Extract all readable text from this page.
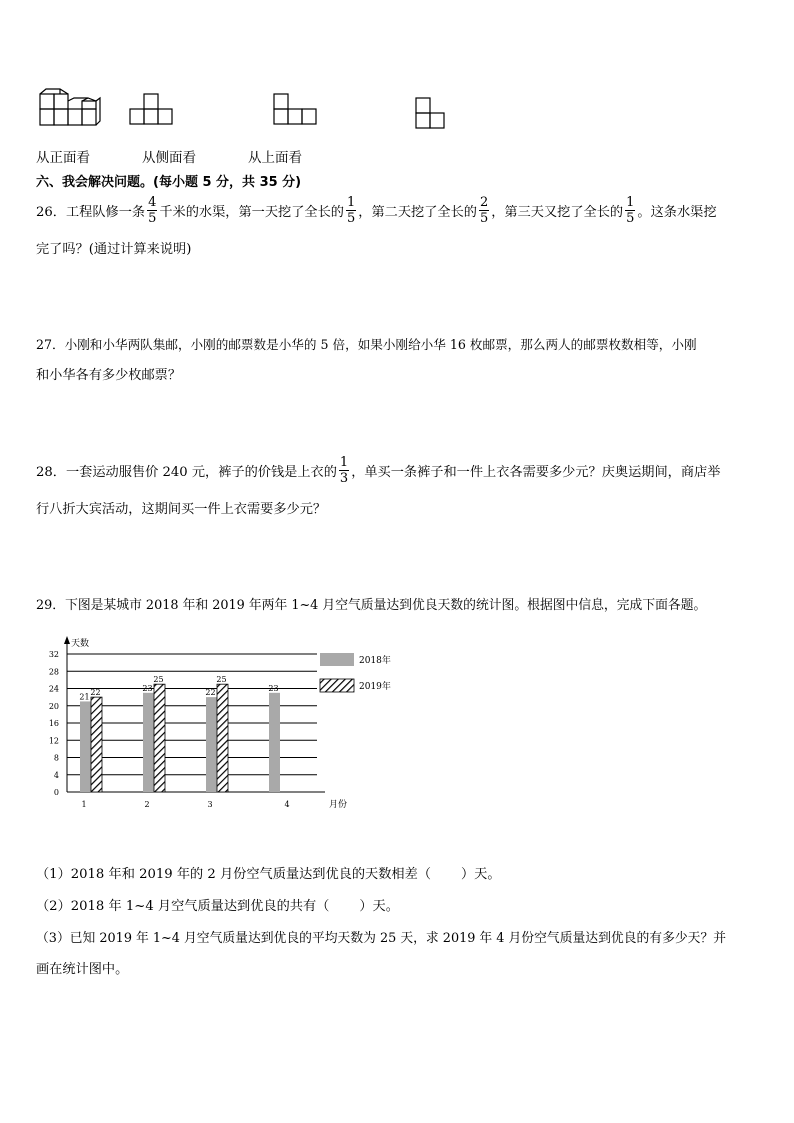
从正面看	从侧面看	从上面看
六、我会解决问题。(每小题 5 分，共 35 分)
26．工程队修一条 $\frac{4}{5}$ 千米的水渠，第一天挖了全长的 $\frac{1}{5}$ ，第二天挖了全长的 $\frac{2}{5}$ ，第三天又挖了全长的 $\frac{1}{5}$ 。这条水渠挖
完了吗？(通过计算来说明)
27．小刚和小华两队集邮，小刚的邮票数是小华的 5 倍，如果小刚给小华 16 枚邮票，那么两人的邮票枚数相等，小刚
和小华各有多少枚邮票？
28．一套运动服售价 240 元，裤子的价钱是上衣的 $\frac{1}{3}$ ，单买一条裤子和一件上衣各需要多少元？庆奥运期间，商店举
行八折大宾活动，这期间买一件上衣需要多少元？
29．下图是某城市 2018 年和 2019 年两年 1~4 月空气质量达到优良天数的统计图。根据图中信息，完成下面各题。
0
4
8
12
16
20
24
28
32
天数
月份
21 22
1
23
25
2
22
25
3
23
4
2018年
2019年
（1）2018 年和 2019 年的 2 月份空气质量达到优良的天数相差（ ）天。
（2）2018 年 1~4 月空气质量达到优良的共有（ ）天。
（3）已知 2019 年 1~4 月空气质量达到优良的平均天数为 25 天，求 2019 年 4 月份空气质量达到优良的有多少天？并
画在统计图中。
